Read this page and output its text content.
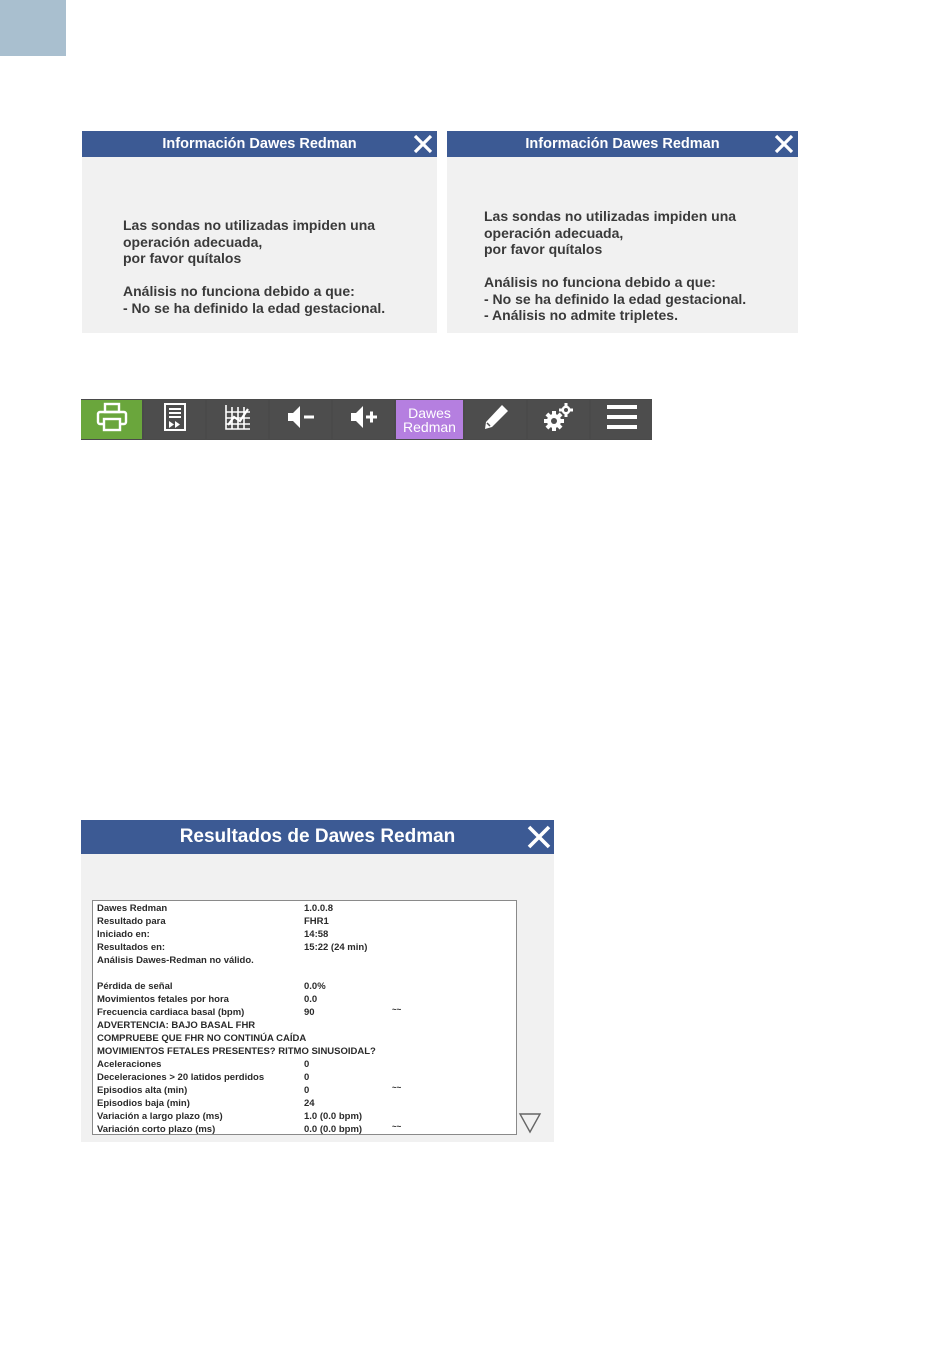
Información Dawes Redman
Las sondas no utilizadas impiden una
operación adecuada,
por favor quítalos
Análisis no funciona debido a que:
- No se ha definido la edad gestacional.
Información Dawes Redman
Las sondas no utilizadas impiden una
operación adecuada,
por favor quítalos
Análisis no funciona debido a que:
- No se ha definido la edad gestacional.
- Análisis no admite tripletes.
Dawes
Redman
Resultados de Dawes Redman
Dawes Redman	1.0.0.8
Resultado para	FHR1
Iniciado en:	14:58
Resultados en:	15:22 (24 min)
Análisis Dawes-Redman no válido.
Pérdida de señal	0.0%
Movimientos fetales por hora	0.0
Frecuencia cardiaca basal (bpm)	90	~~
ADVERTENCIA: BAJO BASAL FHR
COMPRUEBE QUE FHR NO CONTINÚA CAÍDA
MOVIMIENTOS FETALES PRESENTES? RITMO SINUSOIDAL?
Aceleraciones	0
Deceleraciones > 20 latidos perdidos	0
Episodios alta (min)	0	~~
Episodios baja (min)	24
Variación a largo plazo (ms)	1.0 (0.0 bpm)
Variación corto plazo (ms)	0.0 (0.0 bpm)	~~
